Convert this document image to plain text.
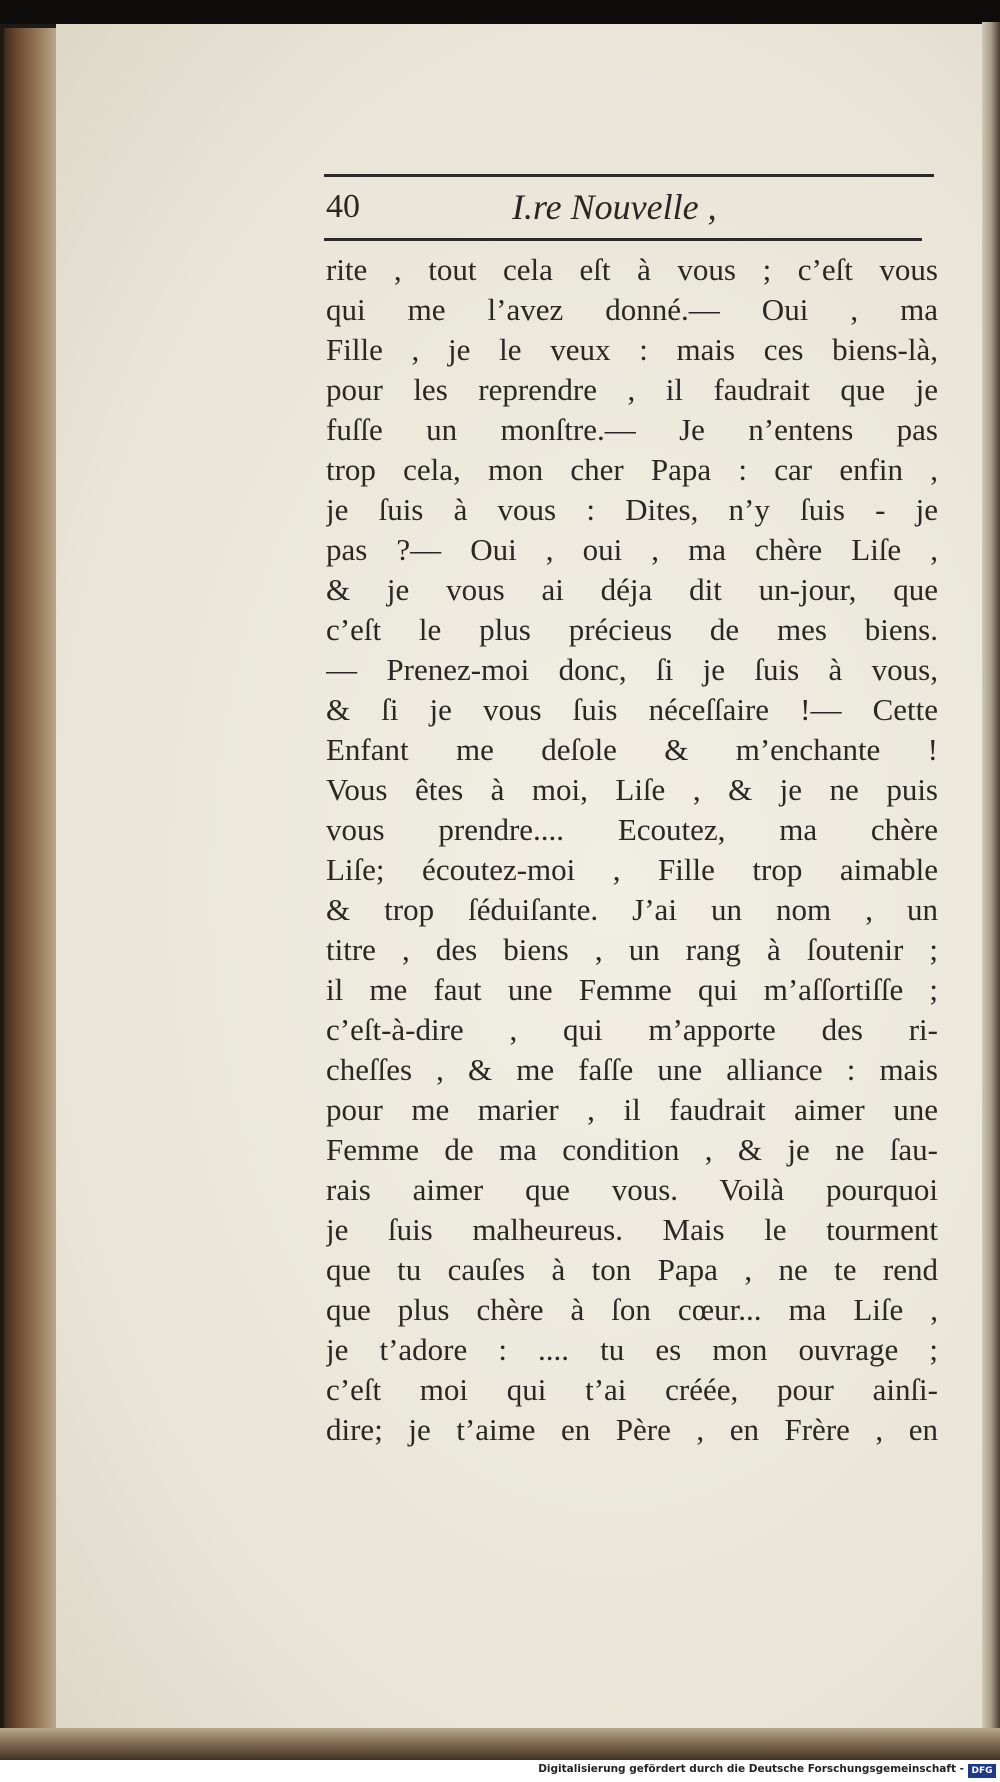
40	I.re Nouvelle ,
rite , tout cela eſt à vous ; c’eſt vous
qui me l’avez donné.— Oui , ma
Fille , je le veux : mais ces biens-là,
pour les reprendre , il faudrait que je
fuſſe un monſtre.— Je n’entens pas
trop cela, mon cher Papa : car enfin ,
je ſuis à vous : Dites, n’y ſuis - je
pas ?— Oui , oui , ma chère Liſe ,
& je vous ai déja dit un-jour, que
c’eſt le plus précieus de mes biens.
— Prenez-moi donc, ſi je ſuis à vous,
& ſi je vous ſuis néceſſaire !— Cette
Enfant me deſole & m’enchante !
Vous êtes à moi, Liſe , & je ne puis
vous prendre.... Ecoutez, ma chère
Liſe; écoutez-moi , Fille trop aimable
& trop ſéduiſante. J’ai un nom , un
titre , des biens , un rang à ſoutenir ;
il me faut une Femme qui m’aſſortiſſe ;
c’eſt-à-dire , qui m’apporte des ri-
cheſſes , & me faſſe une alliance : mais
pour me marier , il faudrait aimer une
Femme de ma condition , & je ne ſau-
rais aimer que vous. Voilà pourquoi
je ſuis malheureus. Mais le tourment
que tu cauſes à ton Papa , ne te rend
que plus chère à ſon cœur... ma Liſe ,
je t’adore : .... tu es mon ouvrage ;
c’eſt moi qui t’ai créée, pour ainſi-
dire; je t’aime en Père , en Frère , en
Digitalisierung gefördert durch die Deutsche Forschungsgemeinschaft - DFG
